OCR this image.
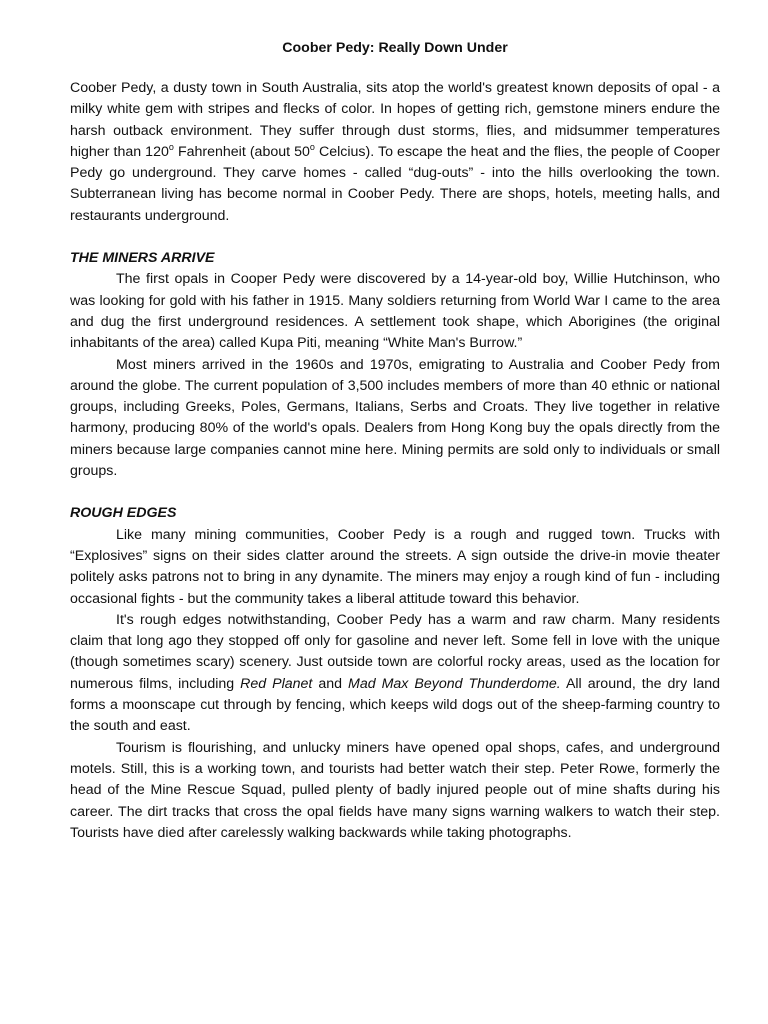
Coober Pedy: Really Down Under

Coober Pedy, a dusty town in South Australia, sits atop the world's greatest known deposits of opal - a milky white gem with stripes and flecks of color. In hopes of getting rich, gemstone miners endure the harsh outback environment. They suffer through dust storms, flies, and midsummer temperatures higher than 120$^o$ Fahrenheit (about 50$^o$ Celcius). To escape the heat and the flies, the people of Cooper Pedy go underground. They carve homes - called “dug-outs” - into the hills overlooking the town. Subterranean living has become normal in Coober Pedy. There are shops, hotels, meeting halls, and restaurants underground.

THE MINERS ARRIVE

The first opals in Cooper Pedy were discovered by a 14-year-old boy, Willie Hutchinson, who was looking for gold with his father in 1915. Many soldiers returning from World War I came to the area and dug the first underground residences. A settlement took shape, which Aborigines (the original inhabitants of the area) called Kupa Piti, meaning “White Man's Burrow.”

Most miners arrived in the 1960s and 1970s, emigrating to Australia and Coober Pedy from around the globe. The current population of 3,500 includes members of more than 40 ethnic or national groups, including Greeks, Poles, Germans, Italians, Serbs and Croats. They live together in relative harmony, producing 80% of the world's opals. Dealers from Hong Kong buy the opals directly from the miners because large companies cannot mine here. Mining permits are sold only to individuals or small groups.

ROUGH EDGES

Like many mining communities, Coober Pedy is a rough and rugged town. Trucks with “Explosives” signs on their sides clatter around the streets. A sign outside the drive-in movie theater politely asks patrons not to bring in any dynamite. The miners may enjoy a rough kind of fun - including occasional fights - but the community takes a liberal attitude toward this behavior.

It's rough edges notwithstanding, Coober Pedy has a warm and raw charm. Many residents claim that long ago they stopped off only for gasoline and never left. Some fell in love with the unique (though sometimes scary) scenery. Just outside town are colorful rocky areas, used as the location for numerous films, including Red Planet and Mad Max Beyond Thunderdome. All around, the dry land forms a moonscape cut through by fencing, which keeps wild dogs out of the sheep-farming country to the south and east.

Tourism is flourishing, and unlucky miners have opened opal shops, cafes, and underground motels. Still, this is a working town, and tourists had better watch their step. Peter Rowe, formerly the head of the Mine Rescue Squad, pulled plenty of badly injured people out of mine shafts during his career. The dirt tracks that cross the opal fields have many signs warning walkers to watch their step. Tourists have died after carelessly walking backwards while taking photographs.
